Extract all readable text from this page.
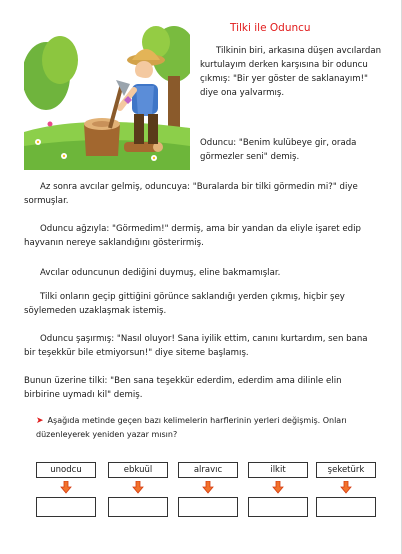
Tilki ile Oduncu

Tilkinin biri, arkasına düşen avcılardan kurtulayım derken karşısına bir oduncu çıkmış: "Bir yer göster de saklanayım!" diye ona yalvarmış.

Oduncu: "Benim kulübeye gir, orada görmezler seni" demiş.

Az sonra avcılar gelmiş, oduncuya: "Buralarda bir tilki görmedin mi?" diye sormuşlar.

Oduncu ağzıyla: "Görmedim!" dermiş, ama bir yandan da eliyle işaret edip hayvanın nereye saklandığını gösterirmiş.

Avcılar oduncunun dediğini duymuş, eline bakmamışlar.

Tilki onların geçip gittiğini görünce saklandığı yerden çıkmış, hiçbir şey söylemeden uzaklaşmak istemiş.

Oduncu şaşırmış: "Nasıl oluyor! Sana iyilik ettim, canını kurtardım, sen bana bir teşekkür bile etmiyorsun!" diye siteme başlamış.

Bunun üzerine tilki: "Ben sana teşekkür ederdim, ederdim ama dilinle elin birbirine uymadı kil" demiş.

➤ Aşağıda metinde geçen bazı kelimelerin harflerinin yerleri değişmiş. Onları düzenleyerek yeniden yazar mısın?
unodcu	ebkuül	alravıc	ilkit	şeketürk
